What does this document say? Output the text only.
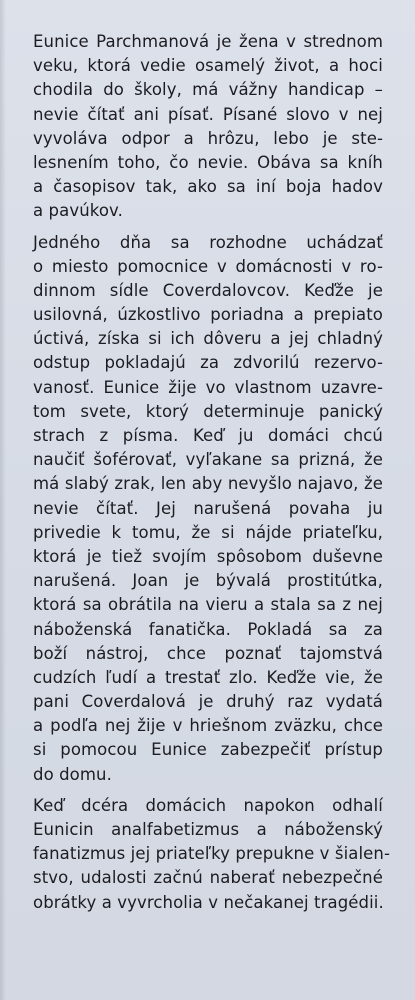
Eunice Parchmanová je žena v strednom
veku, ktorá vedie osamelý život, a hoci
chodila do školy, má vážny handicap –
nevie čítať ani písať. Písané slovo v nej
vyvoláva odpor a hrôzu, lebo je ste-
lesnením toho, čo nevie. Obáva sa kníh
a časopisov tak, ako sa iní boja hadov
a pavúkov.
Jedného dňa sa rozhodne uchádzať
o miesto pomocnice v domácnosti v ro-
dinnom sídle Coverdalovcov. Keďže je
usilovná, úzkostlivo poriadna a prepiato
úctivá, získa si ich dôveru a jej chladný
odstup pokladajú za zdvorilú rezervo-
vanosť. Eunice žije vo vlastnom uzavre-
tom svete, ktorý determinuje panický
strach z písma. Keď ju domáci chcú
naučiť šoférovať, vyľakane sa prizná, že
má slabý zrak, len aby nevyšlo najavo, že
nevie čítať. Jej narušená povaha ju
privedie k tomu, že si nájde priateľku,
ktorá je tiež svojím spôsobom duševne
narušená. Joan je bývalá prostitútka,
ktorá sa obrátila na vieru a stala sa z nej
náboženská fanatička. Pokladá sa za
boží nástroj, chce poznať tajomstvá
cudzích ľudí a trestať zlo. Keďže vie, že
pani Coverdalová je druhý raz vydatá
a podľa nej žije v hriešnom zväzku, chce
si pomocou Eunice zabezpečiť prístup
do domu.
Keď dcéra domácich napokon odhalí
Eunicin analfabetizmus a náboženský
fanatizmus jej priateľky prepukne v šialen-
stvo, udalosti začnú naberať nebezpečné
obrátky a vyvrcholia v nečakanej tragédii.
